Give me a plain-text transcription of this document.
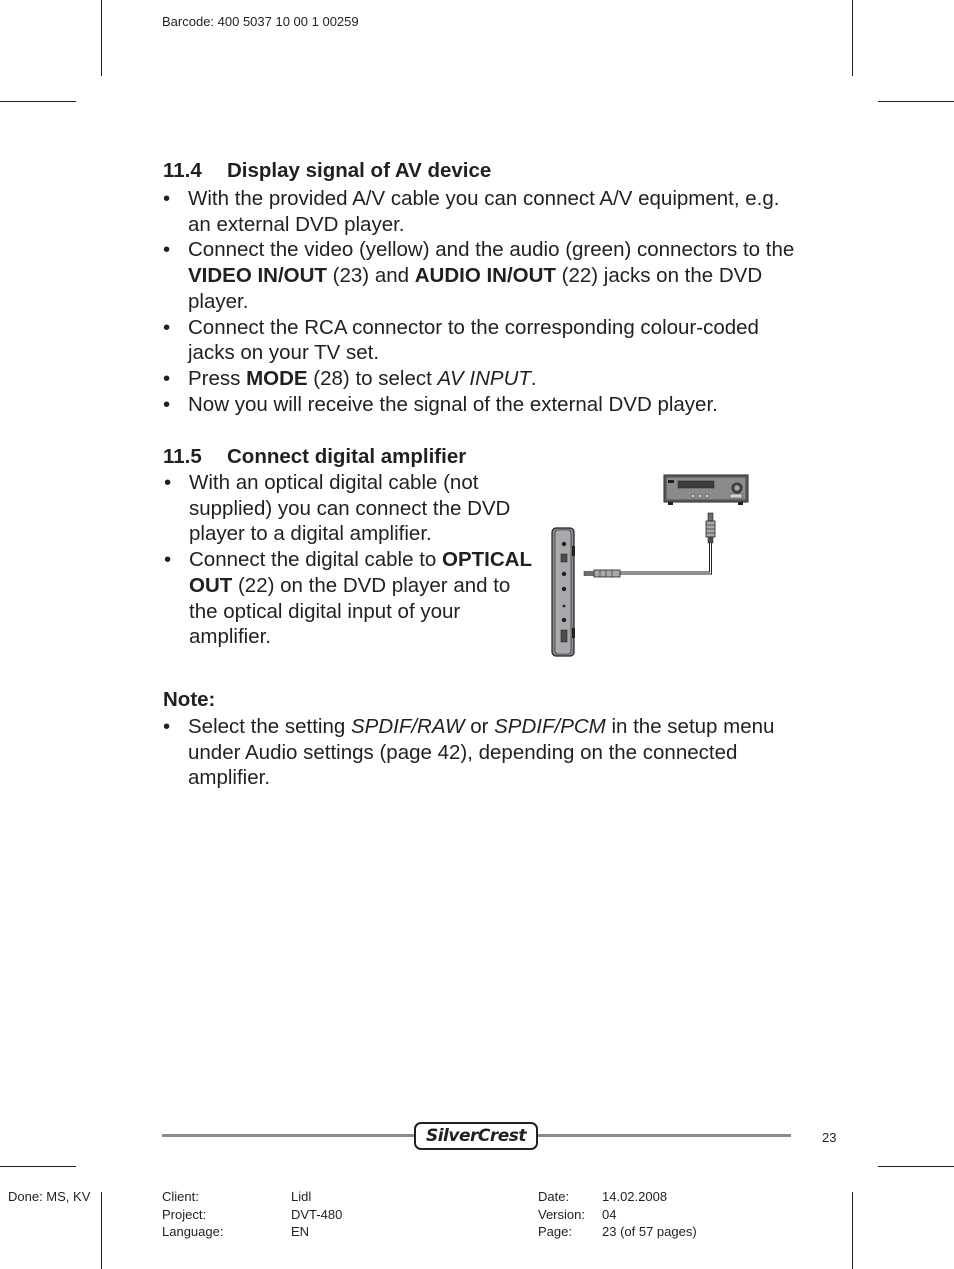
Barcode: 400 5037 10 00 1 00259
11.4 Display signal of AV device
• With the provided A/V cable you can connect A/V equipment, e.g. an external DVD player.
• Connect the video (yellow) and the audio (green) connectors to the VIDEO IN/OUT (23) and AUDIO IN/OUT (22) jacks on the DVD player.
• Connect the RCA connector to the corresponding colour-coded jacks on your TV set.
• Press MODE (28) to select AV INPUT.
• Now you will receive the signal of the external DVD player.
11.5 Connect digital amplifier
• With an optical digital cable (not supplied) you can connect the DVD player to a digital amplifier.
• Connect the digital cable to OPTICAL OUT (22) on the DVD player and to the optical digital input of your amplifier.
Note:
• Select the setting SPDIF/RAW or SPDIF/PCM in the setup menu under Audio settings (page 42), depending on the connected amplifier.
SilverCrest	23
Done: MS, KV	Client:	Lidl
Project:	DVT-480
Language:	EN
Date:	14.02.2008
Version: 04
Page: 23 (of 57 pages)
